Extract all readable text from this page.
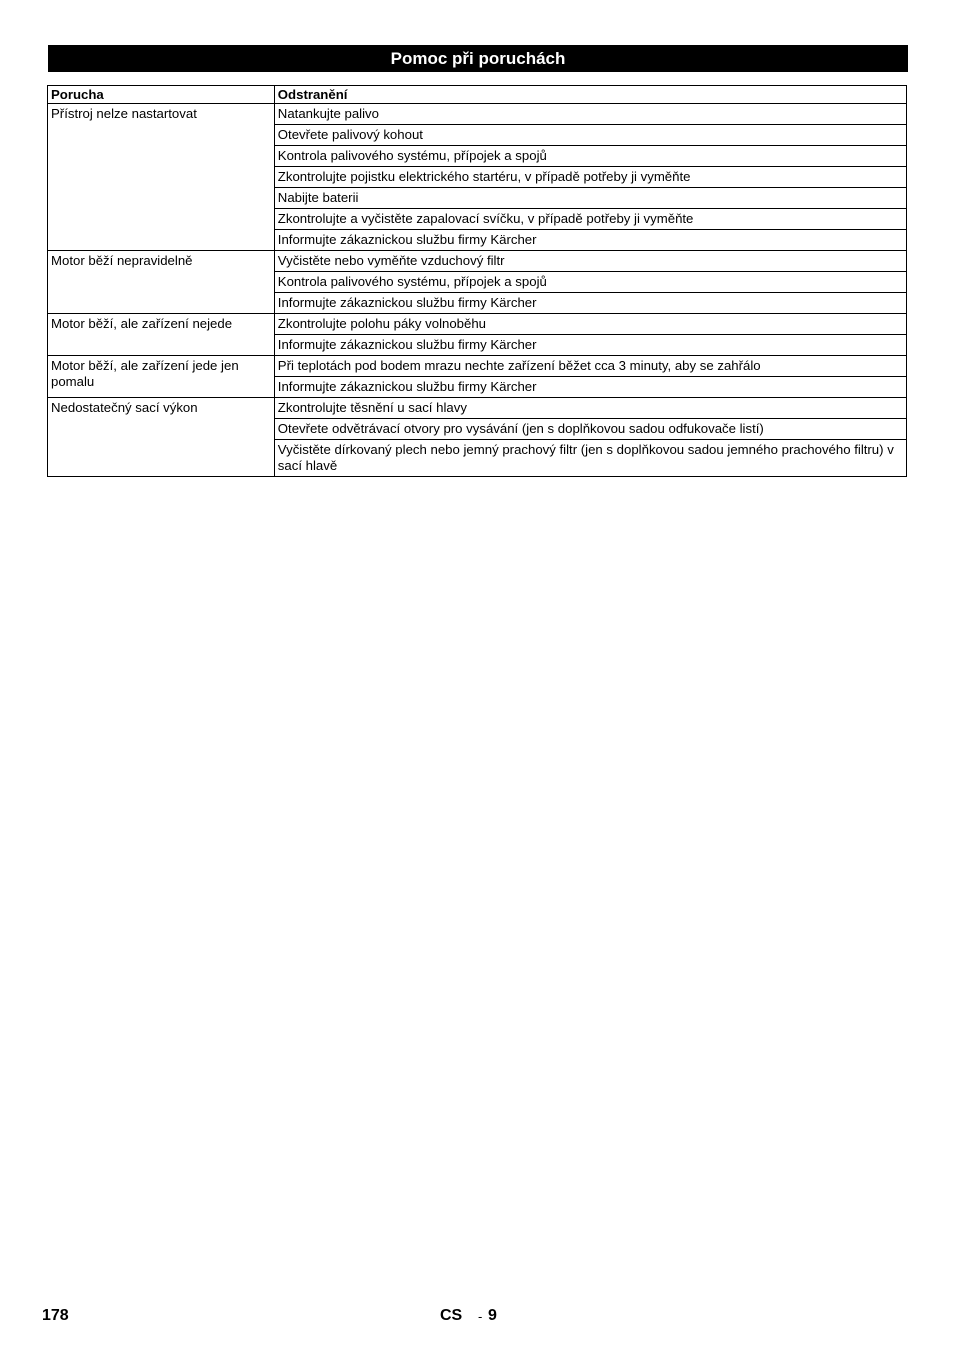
Pomoc při poruchách
Porucha	Odstranění
Přístroj nelze nastartovat	Natankujte palivo
	Otevřete palivový kohout
	Kontrola palivového systému, přípojek a spojů
	Zkontrolujte pojistku elektrického startéru, v případě potřeby ji vyměňte
	Nabijte baterii
	Zkontrolujte a vyčistěte zapalovací svíčku, v případě potřeby ji vyměňte
	Informujte zákaznickou službu firmy Kärcher
Motor běží nepravidelně	Vyčistěte nebo vyměňte vzduchový filtr
	Kontrola palivového systému, přípojek a spojů
	Informujte zákaznickou službu firmy Kärcher
Motor běží, ale zařízení nejede	Zkontrolujte polohu páky volnoběhu
	Informujte zákaznickou službu firmy Kärcher
Motor běží, ale zařízení jede jen pomalu	Při teplotách pod bodem mrazu nechte zařízení běžet cca 3 minuty, aby se zahřálo
	Informujte zákaznickou službu firmy Kärcher
Nedostatečný sací výkon	Zkontrolujte těsnění u sací hlavy
	Otevřete odvětrávací otvory pro vysávání (jen s doplňkovou sadou odfukovače listí)
	Vyčistěte dírkovaný plech nebo jemný prachový filtr (jen s doplňkovou sadou jemného prachového filtru) v sací hlavě
178	CS - 9
